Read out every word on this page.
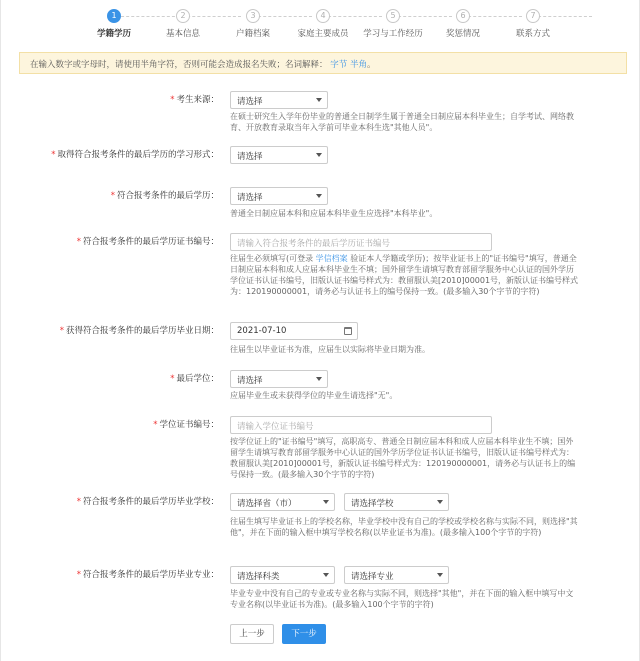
1
学籍学历
2
基本信息
3
户籍档案
4
家庭主要成员
5
学习与工作经历
6
奖惩情况
7
联系方式
在输入数字或字母时，请使用半角字符，否则可能会造成报名失败；名词解释： 字节 半角。
* 考生来源：	请选择
在硕士研究生入学年份毕业的普通全日制学生属于普通全日制应届本科毕业生；自学考试、网络教育、开放教育录取当年入学前可毕业本科生选"其他人员"。
* 取得符合报考条件的最后学历的学习形式：	请选择
* 符合报考条件的最后学历：	请选择
普通全日制应届本科和应届本科毕业生应选择"本科毕业"。
* 符合报考条件的最后学历证书编号：	请输入符合报考条件的最后学历证书编号
往届生必须填写(可登录 学信档案 验证本人学籍或学历)；按毕业证书上的"证书编号"填写，普通全日制应届本科和成人应届本科毕业生不填；国外留学生请填写教育部留学服务中心认证的国外学历学位证书认证书编号，旧版认证书编号样式为：教留服认美[2010]00001号，新版认证书编号样式为：120190000001，请务必与认证书上的编号保持一致。(最多输入30个字节的字符)
* 获得符合报考条件的最后学历毕业日期：	2021-07-10
往届生以毕业证书为准，应届生以实际将毕业日期为准。
* 最后学位：	请选择
应届毕业生或未获得学位的毕业生请选择"无"。
* 学位证书编号：	请输入学位证书编号
按学位证上的"证书编号"填写，高职高专、普通全日制应届本科和成人应届本科毕业生不填；国外留学生请填写教育部留学服务中心认证的国外学历学位证书认证书编号，旧版认证书编号样式为：教留服认美[2010]00001号，新版认证书编号样式为：120190000001，请务必与认证书上的编号保持一致。(最多输入30个字节的字符)
* 符合报考条件的最后学历毕业学校：	请选择省（市）	请选择学校
往届生填写毕业证书上的学校名称，毕业学校中没有自己的学校或学校名称与实际不同，则选择"其他"，并在下面的输入框中填写学校名称(以毕业证书为准)。(最多输入100个字节的字符)
* 符合报考条件的最后学历毕业专业：	请选择科类	请选择专业
毕业专业中没有自己的专业或专业名称与实际不同，则选择"其他"，并在下面的输入框中填写中文专业名称(以毕业证书为准)。(最多输入100个字节的字符)
上一步	下一步
